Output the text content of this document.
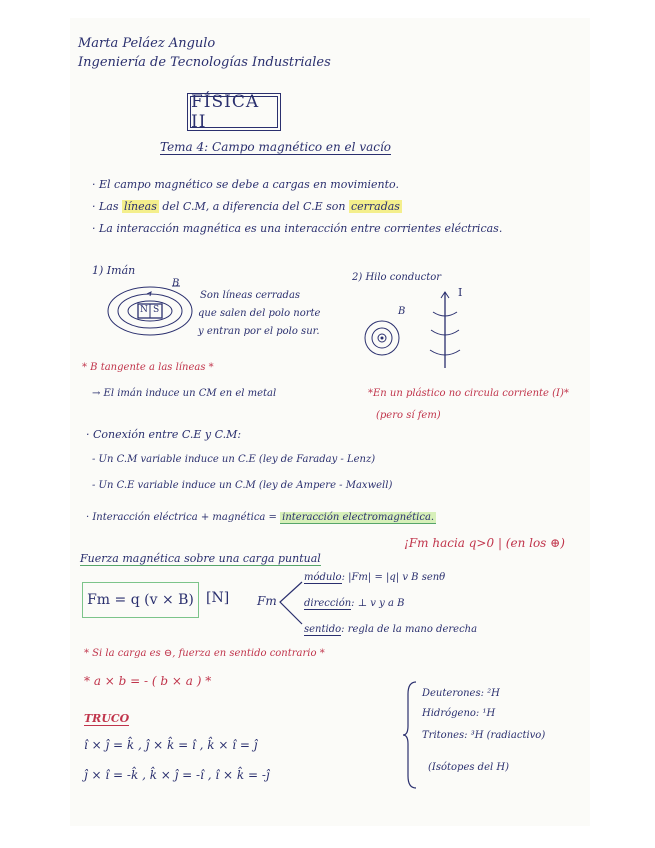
Marta Peláez Angulo
Ingeniería de Tecnologías Industriales
FÍSICA II
Tema 4: Campo magnético en el vacío
· El campo magnético se debe a cargas en movimiento.
· Las líneas del C.M, a diferencia del C.E son cerradas
· La interacción magnética es una interacción entre corrientes eléctricas.
1) Imán
B
N S
Son líneas cerradas
que salen del polo norte
y entran por el polo sur.
2) Hilo conductor
B
I
* B tangente a las líneas *
*En un plástico no circula corriente (I)*
(pero sí fem)
→ El imán induce un CM en el metal
· Conexión entre C.E y C.M:
- Un C.M variable induce un C.E (ley de Faraday - Lenz)
- Un C.E variable induce un C.M (ley de Ampere - Maxwell)
· Interacción eléctrica + magnética = interacción electromagnética.
Fuerza magnética sobre una carga puntual
¡Fm hacia q>0 | (en los ⊕)
Fm = q (v × B) [N] Fm
módulo: |Fm| = |q| v B senθ
dirección: ⊥ v y a B
sentido: regla de la mano derecha
* Si la carga es ⊖, fuerza en sentido contrario *
* a × b = - ( b × a ) *
TRUCO
î × ĵ = k̂ , ĵ × k̂ = î , k̂ × î = ĵ
ĵ × î = -k̂ , k̂ × ĵ = -î , î × k̂ = -ĵ
Deuterones: ²H
Hidrógeno: ¹H
Tritones: ³H (radiactivo)
(Isótopes del H)
